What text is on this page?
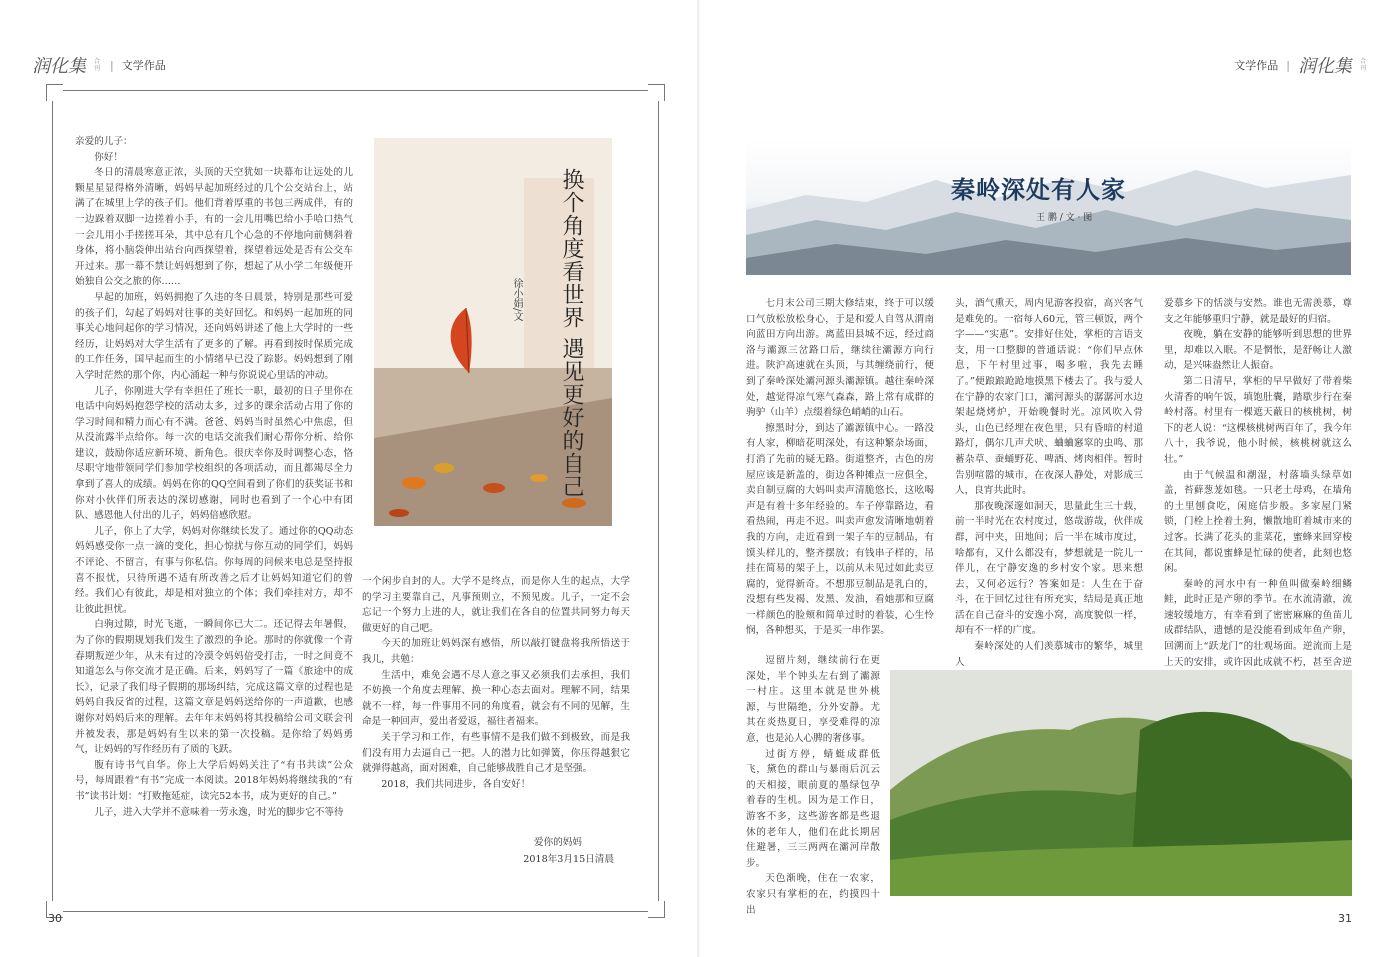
润化集 合刊 | 文学作品

亲爱的儿子：

你好！

冬日的清晨寒意正浓，头顶的天空犹如一块幕布让远处的儿颗星星显得格外清晰，妈妈早起加班经过的几个公交站台上，站满了在城里上学的孩子们。他们背着厚重的书包三两成伴，有的一边跺着双脚一边搓着小手，有的一会儿用嘴巴给小手哈口热气一会儿用小手搓搓耳朵，其中总有几个心急的不停地向前侧斜着身体，将小脑袋伸出站台向西探望着，探望着远处是否有公交车开过来。那一幕不禁让妈妈想到了你，想起了从小学二年级便开始独自公交之旅的你……

早起的加班，妈妈拥抱了久违的冬日晨景，特别是那些可爱的孩子们，勾起了妈妈对往事的美好回忆。和妈妈一起加班的同事关心地问起你的学习情况，还向妈妈讲述了他上大学时的一些经历，让妈妈对大学生活有了更多的了解。再看到按时保质完成的工作任务，国早起而生的小情绪早已没了踪影。妈妈想到了刚入学时茫然的那个你，内心涌起一种与你说说心里话的冲动。

儿子，你刚进大学有幸担任了班长一职，最初的日子里你在电话中向妈妈抱怨学校的活动太多，过多的课余活动占用了你的学习时间和精力而心有不满。爸爸、妈妈当时虽然心中焦虑，但从没流露半点给你。每一次的电话交流我们耐心帮你分析、给你建议，鼓励你适应新环境、新角色。很庆幸你及时调整心态，恪尽职守地带领同学们参加学校组织的各项活动，而且都竭尽全力拿到了喜人的成绩。妈妈在你的QQ空间看到了你们的获奖证书和你对小伙伴们所表达的深切感谢，同时也看到了一个心中有团队、感恩他人付出的儿子，妈妈倍感欣慰。

儿子，你上了大学，妈妈对你继续长发了。通过你的QQ动态妈妈感受你一点一滴的变化，担心惊扰与你互动的同学们，妈妈不评论、不留言，有事与你私信。你每周的问候来电总是坚持报喜不报忧，只待所遇不适有所改善之后才让妈妈知道它们的曾经。我们心有彼此，却是相对独立的个体；我们牵挂对方，却不让彼此担忧。

白驹过隙，时光飞逝，一瞬间你已大二。还记得去年暑假，为了你的假期规划我们发生了激烈的争论。那时的你就像一个青春期叛逆少年，从未有过的冷漠令妈妈倍受打击，一时之间竟不知道怎么与你交流才是正确。后来，妈妈写了一篇《旅途中的成长》，记录了我们母子假期的那场纠结，完成这篇文章的过程也是妈妈自我反省的过程，这篇文章是妈妈送给你的一声道歉，也感谢你对妈妈后来的理解。去年年末妈妈将其投稿给公司文联会刊并被发表，那是妈妈有生以来的第一次投稿。是你给了妈妈勇气，让妈妈的写作经历有了质的飞跃。

腹有诗书气自华。你上大学后妈妈关注了“有书共读”公众号，每周跟着“有书”完成一本阅读。2018年妈妈将继续我的“有书”读书计划：“打败拖延症，读完52本书，成为更好的自己。”

儿子，进入大学并不意味着一劳永逸，时光的脚步它不等待

换个角度看世界 遇见更好的自己
徐小娟/文

一个闲步自封的人。大学不是终点，而是你人生的起点，大学的学习主要靠自己，凡事预则立，不预见废。儿子，一定不会忘记一个努力上进的人，就让我们在各自的位置共同努力每天做更好的自己吧。

今天的加班让妈妈深有感悟，所以敲打键盘将我所悟送于我儿，共勉：

生活中，难免会遇不尽人意之事又必须我们去承担，我们不妨换一个角度去理解、换一种心态去面对。理解不同，结果就不一样，每一件事用不同的角度看，就会有不同的见解，生命是一种回声，爱出者爱返，福往者福来。

关于学习和工作，有些事情不是我们做不到极致，而是我们没有用力去逼自己一把。人的潜力比如弹簧，你压得越狠它就弹得越高，面对困难，自己能够战胜自己才是坚强。

2018，我们共同进步，各自安好！

爱你的妈妈
2018年3月15日清晨
30
文学作品 | 润化集 合刊
31
秦岭深处有人家
王 鹏 / 文 · 图

七月末公司三期大修结束，终于可以缓口气放松放松身心，于是和爱人自驾从渭南向蓝田方向出游。离蓝田县城不远，经过商洛与灞源三岔路口后，继续往灞源方向行进。陕沪高速就在头顶，与其缠绕前行，便到了秦岭深处灞河源头灞源镇。越往秦岭深处，越觉得凉气寒气森森，路上常有成群的驹驴（山羊）点缀着绿色峭峭的山石。

擦黑时分，到达了灞源镇中心。一路没有人家，柳暗花明深处，有这种繁杂场面，打消了先前的疑无路。街道整齐，古色的房屋应该是新盖的，街边各种摊点一应俱全，卖自制豆腐的大妈叫卖声清脆悠长，这吆喝声是有着十多年经验的。车子停靠路边，看看热闹，再走不迟。叫卖声愈发清晰地朝着我的方向，走近看到一架子车的豆制品，有馍头样儿的，整齐摆放；有钱串子样的，吊挂在简易的架子上，以前从未见过如此卖豆腐的，觉得新奇。不想那豆制品是乳白的，没想有些发褐、发黑、发油，看她那和豆腐一样颜色的脸颊和简单过时的着装，心生怜悯，各种想买，于是买一串作罢。

逗留片刻，继续前行在更深处，半个钟头左右到了灞源一村庄。这里本就是世外桃源，与世隔绝，分外安静。尤其在炎热夏日，享受难得的凉意，也是沁人心脾的奢侈事。

过街方停，蜻蜓成群低飞，黛色的群山与暴雨后沉云的天相接，眼前夏的墨绿包孕着春的生机。因为是工作日，游客不多，这些游客都是些退休的老年人，他们在此长期居住避暑，三三两两在灞河岸散步。

天色渐晚，住在一农家，农家只有掌柜的在，约摸四十出

头，酒气熏天，周内见游客投宿，高兴客气是难免的。一宿每人60元，管三顿饭，两个字——“实惠”。安排好住处，掌柜的言语支支，用一口整脚的普通话说：“你们早点休息，下午村里过事，喝多啦，我先去睡了。”便踉踉跄跄地摸黑下楼去了。我与爱人在宁静的农家门口，灞河源头的潺潺河水边架起烧烤炉，开始晚餐时光。凉风吹入骨头，山色已经埋在夜色里，只有昏暗的村道路灯，偶尔几声犬吠、蛐蛐窸窣的虫鸣、那蓄杂草、蚕蛹野花、啤酒、烤肉相伴。暂时告别喧嚣的城市，在夜深人静处，对影成三人，良宵共此时。

那夜晚深邃如洞天，思量此生三十载，前一半时光在农村度过，悠哉游哉，伙伴成群，河中夹，田地间；后一半在城市度过，啥都有，又什么都没有，梦想就是一院儿一伴儿，在宁静安逸的乡村安个家。思来想去，又何必远行？答案如是：人生在于奋斗，在于回忆过往有所充实，结局是真正地活在自己奋斗的安逸小窝，高度貌似一样，却有不一样的广度。

秦岭深处的人们羡慕城市的繁华，城里人

爱慕乡下的恬淡与安然。谁也无需羡慕，尊支之年能够重归宁静，就是最好的归宿。

夜晚，躺在安静的能够听到思想的世界里，却难以入眠。不是惘怅，是舒畅让人激动，是兴味盎然让人振奋。

第二日清早，掌柜的早早做好了带着柴火清香的响午饭，填饱肚囊，踏歇步行在秦岭村落。村里有一棵遮天蔽日的核桃树，树下的老人说：“这棵核桃树两百年了，我今年八十，我爷说，他小时候，核桃树就这么壮。”

由于气候温和潮湿，村落墙头绿草如盖，苔藓葱茏如毯。一只老土母鸡，在墙角的土里刨食吃，闲庭信步般。多家屋门紧锁，门栓上拴着土狗，懒散地盯着城市来的过客。长满了花头的韭菜花，蜜蜂来回穿梭在其间，都说蜜蜂是忙碌的使者，此刻也悠闲。

秦岭的河水中有一种鱼叫做秦岭细鳞鲑，此时正是产卵的季节。在水流清澈，流速较缓地方，有幸看到了密密麻麻的鱼苗儿成群结队，遗憾的是没能看到成年鱼产卵，回溯而上“跃龙门”的壮观场面。逆流而上是上天的安排，或许因此成就不朽，甚至舍逆
